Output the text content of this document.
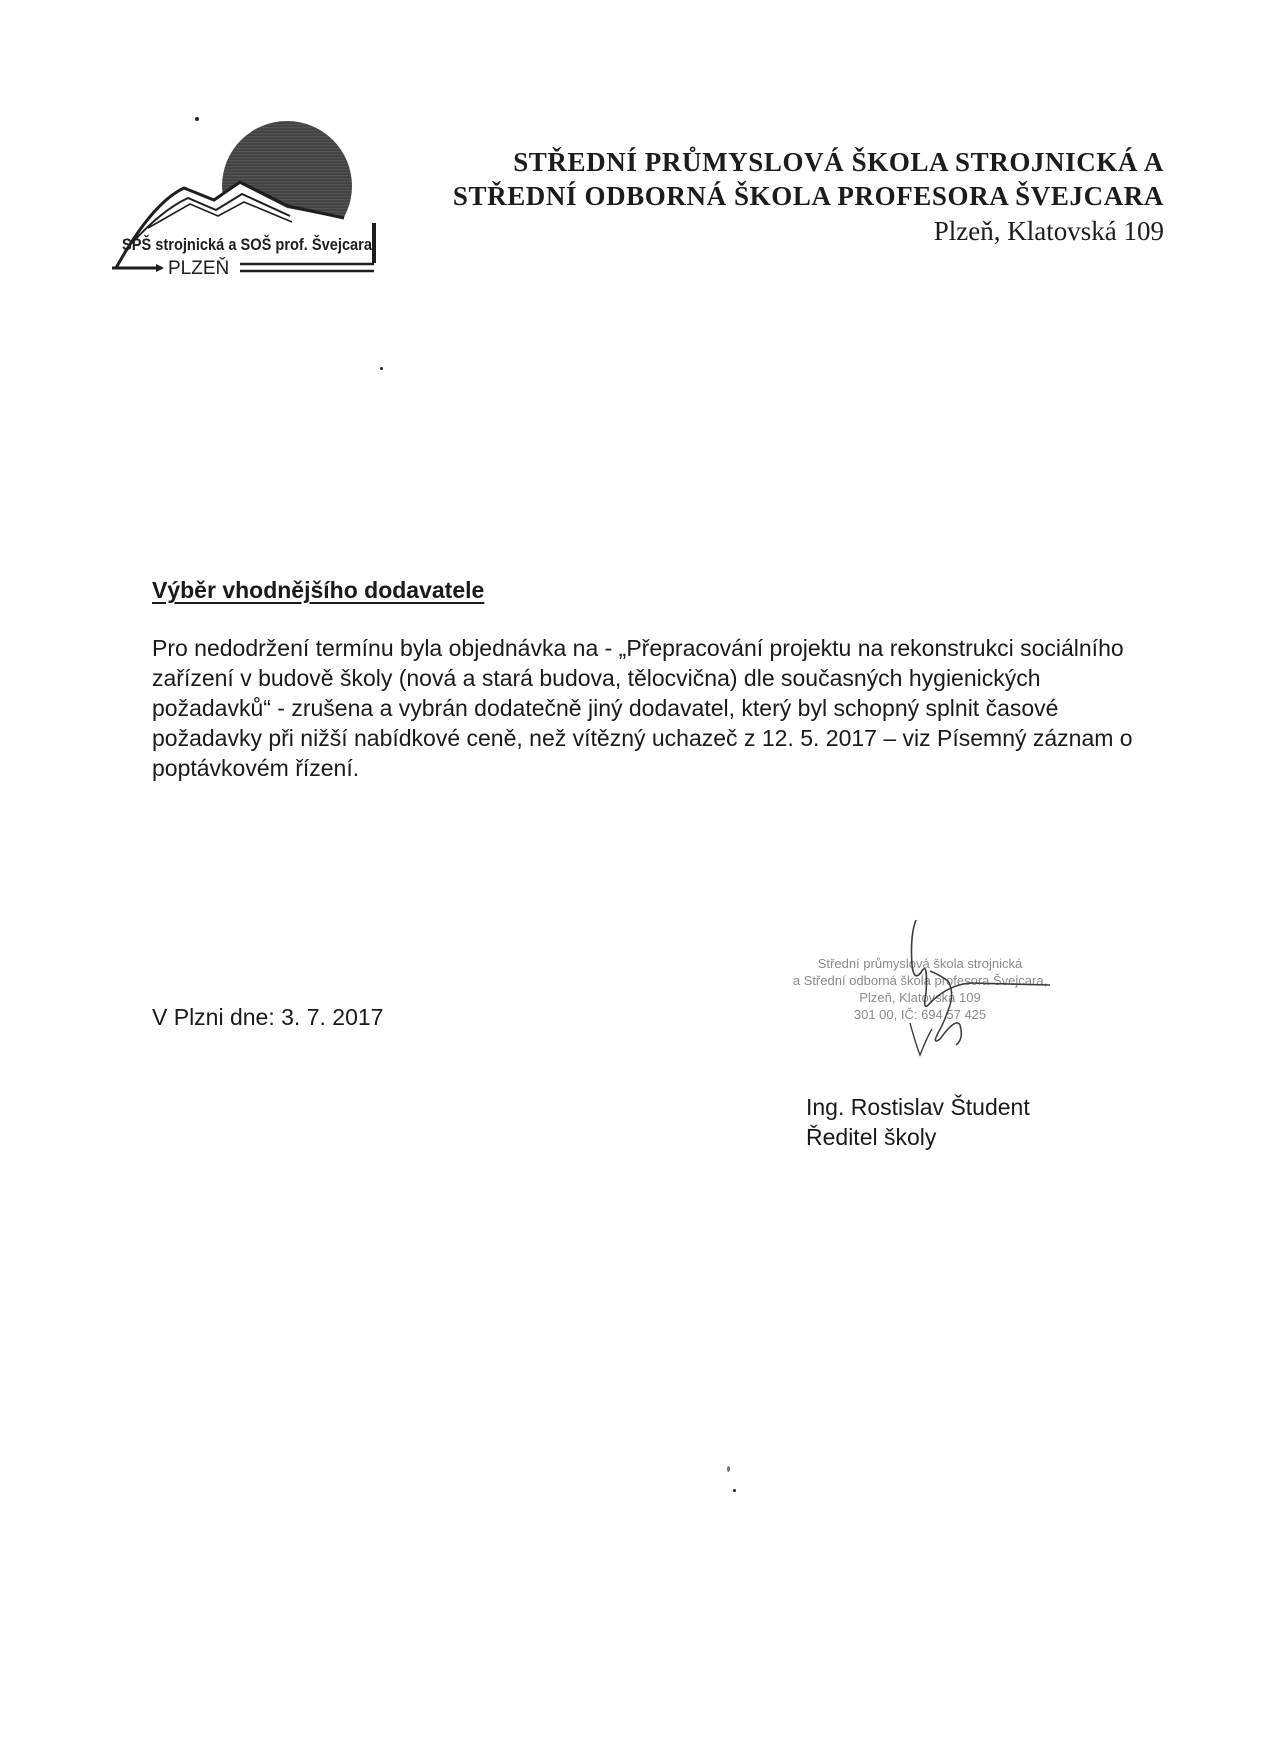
SPŠ strojnická a SOŠ prof. Švejcara
PLZEŇ
STŘEDNÍ PRŮMYSLOVÁ ŠKOLA STROJNICKÁ A
STŘEDNÍ ODBORNÁ ŠKOLA PROFESORA ŠVEJCARA
Plzeň, Klatovská 109
Výběr vhodnějšího dodavatele

Pro nedodržení termínu byla objednávka na - „Přepracování projektu na rekonstrukci sociálního zařízení v budově školy (nová a stará budova, tělocvična) dle současných hygienických požadavků“ - zrušena a vybrán dodatečně jiný dodavatel, který byl schopný splnit časové požadavky při nižší nabídkové ceně, než vítězný uchazeč z 12. 5. 2017 – viz Písemný záznam o poptávkovém řízení.

V Plzni dne: 3. 7. 2017
Střední průmyslová škola strojnická
a Střední odborná škola profesora Švejcara,
Plzeň, Klatovská 109
301 00, IČ: 694 57 425
Ing. Rostislav Študent
Ředitel školy
